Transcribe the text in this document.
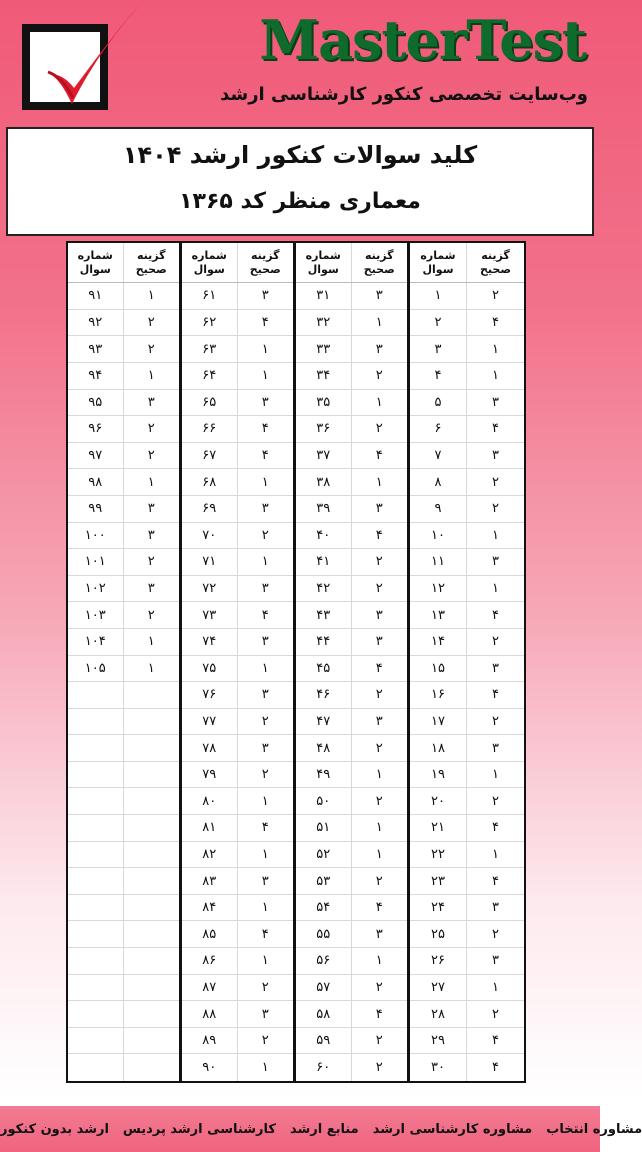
MasterTest
وب‌سایت تخصصی کنکور کارشناسی ارشد
کلید سوالات کنکور ارشد ۱۴۰۴
معماری منظر کد ۱۳۶۵
شماره سوال
گزینه صحیح
۱	۲
۲	۴
۳	۱
۴	۱
۵	۳
۶	۴
۷	۳
۸	۲
۹	۲
۱۰	۱
۱۱	۳
۱۲	۱
۱۳	۴
۱۴	۲
۱۵	۳
۱۶	۴
۱۷	۲
۱۸	۳
۱۹	۱
۲۰	۲
۲۱	۴
۲۲	۱
۲۳	۴
۲۴	۳
۲۵	۲
۲۶	۳
۲۷	۱
۲۸	۲
۲۹	۴
۳۰	۴
شماره سوال
گزینه صحیح
۳۱	۳
۳۲	۱
۳۳	۳
۳۴	۲
۳۵	۱
۳۶	۲
۳۷	۴
۳۸	۱
۳۹	۳
۴۰	۴
۴۱	۲
۴۲	۲
۴۳	۳
۴۴	۳
۴۵	۴
۴۶	۲
۴۷	۳
۴۸	۲
۴۹	۱
۵۰	۲
۵۱	۱
۵۲	۱
۵۳	۲
۵۴	۴
۵۵	۳
۵۶	۱
۵۷	۲
۵۸	۴
۵۹	۲
۶۰	۲
شماره سوال
گزینه صحیح
۶۱	۳
۶۲	۴
۶۳	۱
۶۴	۱
۶۵	۳
۶۶	۴
۶۷	۴
۶۸	۱
۶۹	۳
۷۰	۲
۷۱	۱
۷۲	۳
۷۳	۴
۷۴	۳
۷۵	۱
۷۶	۳
۷۷	۲
۷۸	۳
۷۹	۲
۸۰	۱
۸۱	۴
۸۲	۱
۸۳	۳
۸۴	۱
۸۵	۴
۸۶	۱
۸۷	۲
۸۸	۳
۸۹	۲
۹۰	۱
شماره سوال
گزینه صحیح
۹۱	۱
۹۲	۲
۹۳	۲
۹۴	۱
۹۵	۳
۹۶	۲
۹۷	۲
۹۸	۱
۹۹	۳
۱۰۰	۳
۱۰۱	۲
۱۰۲	۳
۱۰۳	۲
۱۰۴	۱
۱۰۵	۱
ارشد بدون کنکور کارشناسی ارشد پردیس منابع ارشد مشاوره کارشناسی ارشد مشاوره انتخاب
